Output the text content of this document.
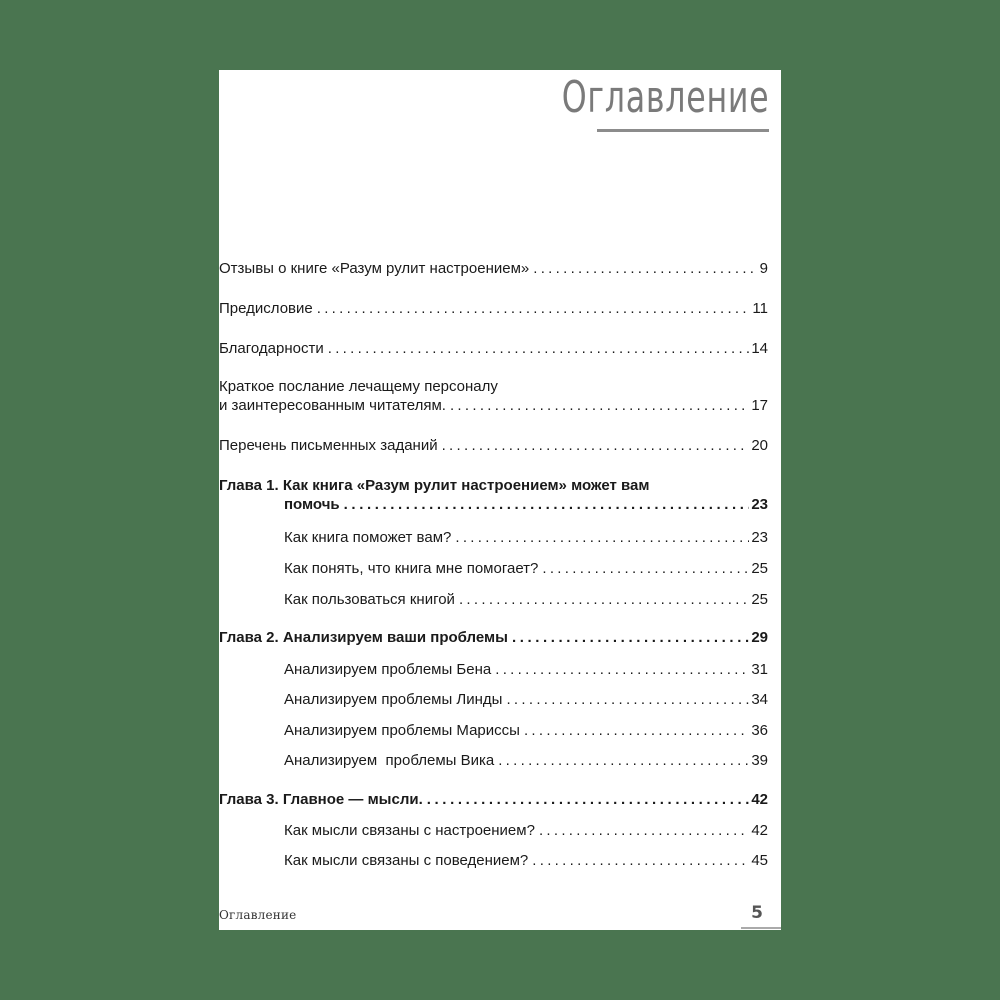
Оглавление
Отзывы о книге «Разум рулит настроением» .....	9
Предисловие .....	11
Благодарности .....	14
Краткое послание лечащему персоналу
и заинтересованным читателям. .....	17
Перечень письменных заданий .....	20
Глава 1. Как книга «Разум рулит настроением» может вам
помочь .....	23
Как книга поможет вам? .....	23
Как понять, что книга мне помогает? .....	25
Как пользоваться книгой .....	25
Глава 2. Анализируем ваши проблемы .....	29
Анализируем проблемы Бена .....	31
Анализируем проблемы Линды .....	34
Анализируем проблемы Мариссы .....	36
Анализируем  проблемы Вика .....	39
Глава 3. Главное — мысли. .....	42
Как мысли связаны с настроением? .....	42
Как мысли связаны с поведением? .....	45
Оглавление	5
